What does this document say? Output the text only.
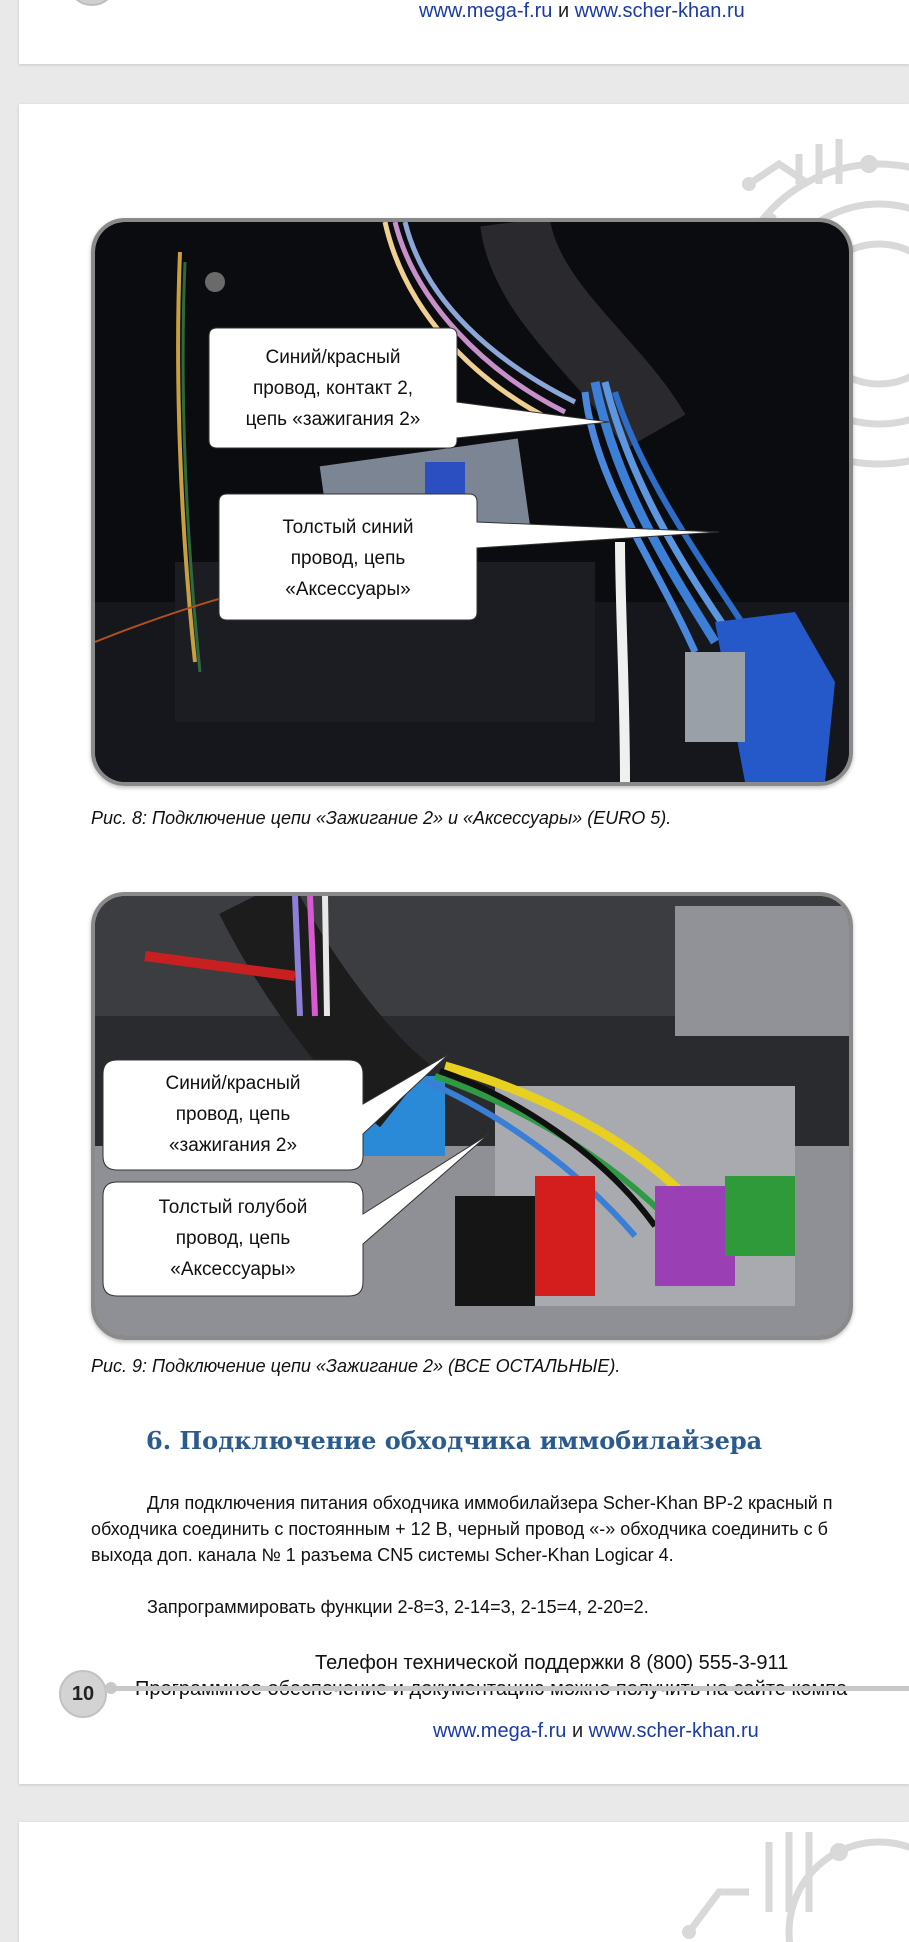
www.mega-f.ru и www.scher-khan.ru
Синий/красный
провод, контакт 2,
цепь «зажигания 2»
Толстый синий
провод, цепь
«Аксессуары»
Рис. 8: Подключение цепи «Зажигание 2» и «Аксессуары» (EURO 5).
Синий/красный
провод, цепь
«зажигания 2»
Толстый голубой
провод, цепь
«Аксессуары»
Рис. 9: Подключение цепи «Зажигание 2» (ВСЕ ОСТАЛЬНЫЕ).
6. Подключение обходчика иммобилайзера
Для подключения питания обходчика иммобилайзера Scher-Khan BP-2 красный п
обходчика соединить с постоянным + 12 В, черный провод «-» обходчика соединить с б
выхода доп. канала № 1 разъема CN5 системы Scher-Khan Logicar 4.
Запрограммировать функции 2-8=3, 2-14=3, 2-15=4, 2-20=2.
Телефон технической поддержки 8 (800) 555-3-911
10
www.mega-f.ru и www.scher-khan.ru
